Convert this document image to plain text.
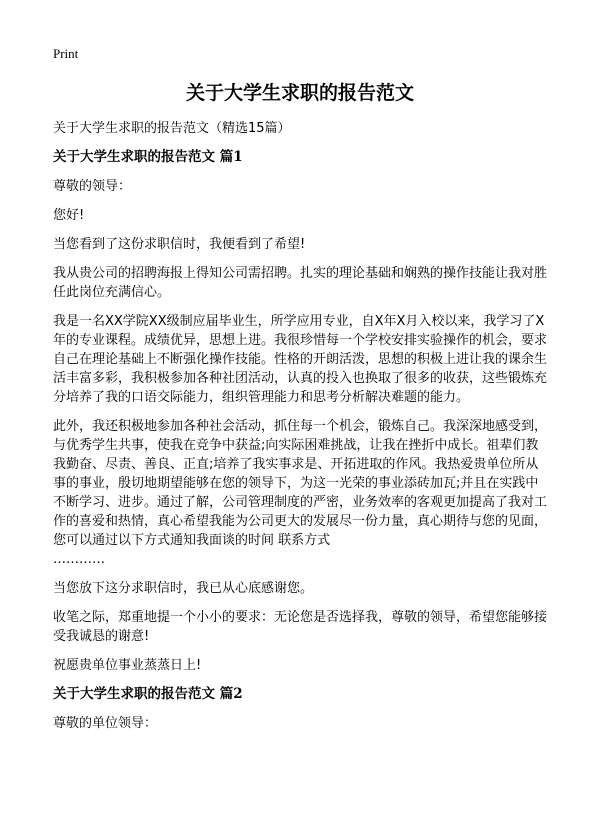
Print
关于大学生求职的报告范文

关于大学生求职的报告范文（精选15篇）

关于大学生求职的报告范文 篇1

尊敬的领导：

您好!

当您看到了这份求职信时，我便看到了希望!

我从贵公司的招聘海报上得知公司需招聘。扎实的理论基础和娴熟的操作技能让我对胜任此岗位充满信心。

我是一名XX学院XX级制应届毕业生，所学应用专业，自X年X月入校以来，我学习了X年的专业课程。成绩优异，思想上进。我很珍惜每一个学校安排实验操作的机会，要求自己在理论基础上不断强化操作技能。性格的开朗活泼，思想的积极上进让我的课余生活丰富多彩，我积极参加各种社团活动，认真的投入也换取了很多的收获，这些锻炼充分培养了我的口语交际能力，组织管理能力和思考分析解决难题的能力。

此外，我还积极地参加各种社会活动，抓住每一个机会，锻炼自己。我深深地感受到，与优秀学生共事，使我在竞争中获益;向实际困难挑战，让我在挫折中成长。祖辈们教我勤奋、尽责、善良、正直;培养了我实事求是、开拓进取的作风。我热爱贵单位所从事的事业，殷切地期望能够在您的领导下，为这一光荣的事业添砖加瓦;并且在实践中不断学习、进步。通过了解，公司管理制度的严密，业务效率的客观更加提高了我对工作的喜爱和热情，真心希望我能为公司更大的发展尽一份力量，真心期待与您的见面，您可以通过以下方式通知我面谈的时间 联系方式

…………

当您放下这分求职信时，我已从心底感谢您。

收笔之际，郑重地提一个小小的要求：无论您是否选择我，尊敬的领导，希望您能够接受我诚恳的谢意!

祝愿贵单位事业蒸蒸日上!

关于大学生求职的报告范文 篇2

尊敬的单位领导：
